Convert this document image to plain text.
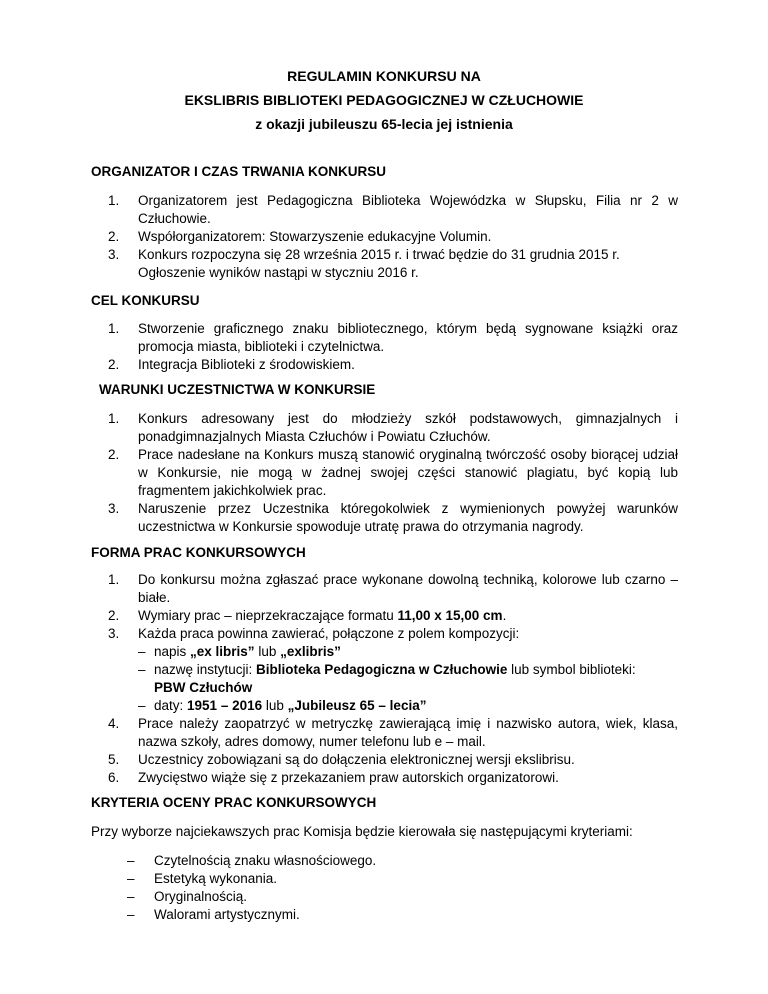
REGULAMIN KONKURSU NA
EKSLIBRIS BIBLIOTEKI PEDAGOGICZNEJ W CZŁUCHOWIE
z okazji jubileuszu 65-lecia jej istnienia
ORGANIZATOR I CZAS TRWANIA KONKURSU
1. Organizatorem jest Pedagogiczna Biblioteka Wojewódzka w Słupsku, Filia nr 2 w Człuchowie.
2. Współorganizatorem: Stowarzyszenie edukacyjne Volumin.
3. Konkurs rozpoczyna się 28 września 2015 r. i trwać będzie do 31 grudnia 2015 r. Ogłoszenie wyników nastąpi w styczniu 2016 r.
CEL KONKURSU
1. Stworzenie graficznego znaku bibliotecznego, którym będą sygnowane książki oraz promocja miasta, biblioteki i czytelnictwa.
2. Integracja Biblioteki z środowiskiem.
WARUNKI UCZESTNICTWA W KONKURSIE
1. Konkurs adresowany jest do młodzieży szkół podstawowych, gimnazjalnych i ponadgimnazjalnych Miasta Człuchów i Powiatu Człuchów.
2. Prace nadesłane na Konkurs muszą stanowić oryginalną twórczość osoby biorącej udział w Konkursie, nie mogą w żadnej swojej części stanowić plagiatu, być kopią lub fragmentem jakichkolwiek prac.
3. Naruszenie przez Uczestnika któregokolwiek z wymienionych powyżej warunków uczestnictwa w Konkursie spowoduje utratę prawa do otrzymania nagrody.
FORMA PRAC KONKURSOWYCH
1. Do konkursu można zgłaszać prace wykonane dowolną techniką, kolorowe lub czarno – białe.
2. Wymiary prac – nieprzekraczające formatu 11,00 x 15,00 cm.
3. Każda praca powinna zawierać, połączone z polem kompozycji:
– napis „ex libris” lub „exlibris”
– nazwę instytucji: Biblioteka Pedagogiczna w Człuchowie lub symbol biblioteki:
PBW Człuchów
– daty: 1951 – 2016 lub „Jubileusz 65 – lecia”
4. Prace należy zaopatrzyć w metryczkę zawierającą imię i nazwisko autora, wiek, klasa, nazwa szkoły, adres domowy, numer telefonu lub e – mail.
5. Uczestnicy zobowiązani są do dołączenia elektronicznej wersji ekslibrisu.
6. Zwycięstwo wiąże się z przekazaniem praw autorskich organizatorowi.
KRYTERIA OCENY PRAC KONKURSOWYCH
Przy wyborze najciekawszych prac Komisja będzie kierowała się następującymi kryteriami:
– Czytelnością znaku własnościowego.
– Estetyką wykonania.
– Oryginalnością.
– Walorami artystycznymi.
